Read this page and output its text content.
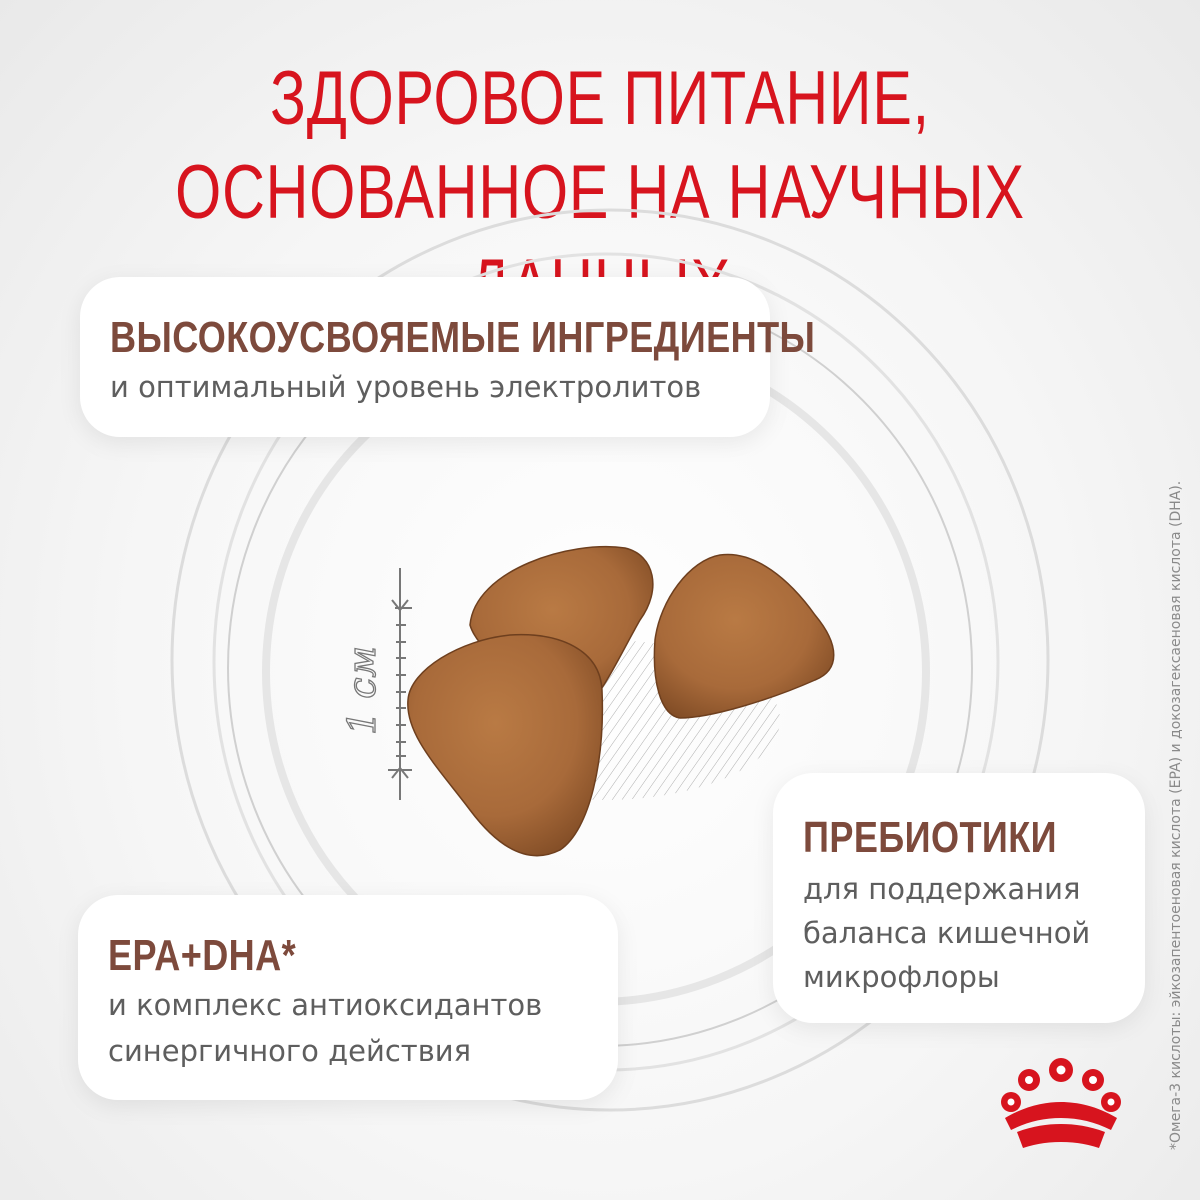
ЗДОРОВОЕ ПИТАНИЕ,
ОСНОВАННОЕ НА НАУЧНЫХ
1 см
ВЫСОКОУСВОЯЕМЫЕ ИНГРЕДИЕНТЫ
и оптимальный уровень электролитов
ПРЕБИОТИКИ
для поддержания
баланса кишечной
микрофлоры
EPA+DHA*
и комплекс антиоксидантов
синергичного действия	*Омега-3 кислоты: эйкозапентоеновая кислота (EPA) и докозагексаеновая кислота (DHA).
